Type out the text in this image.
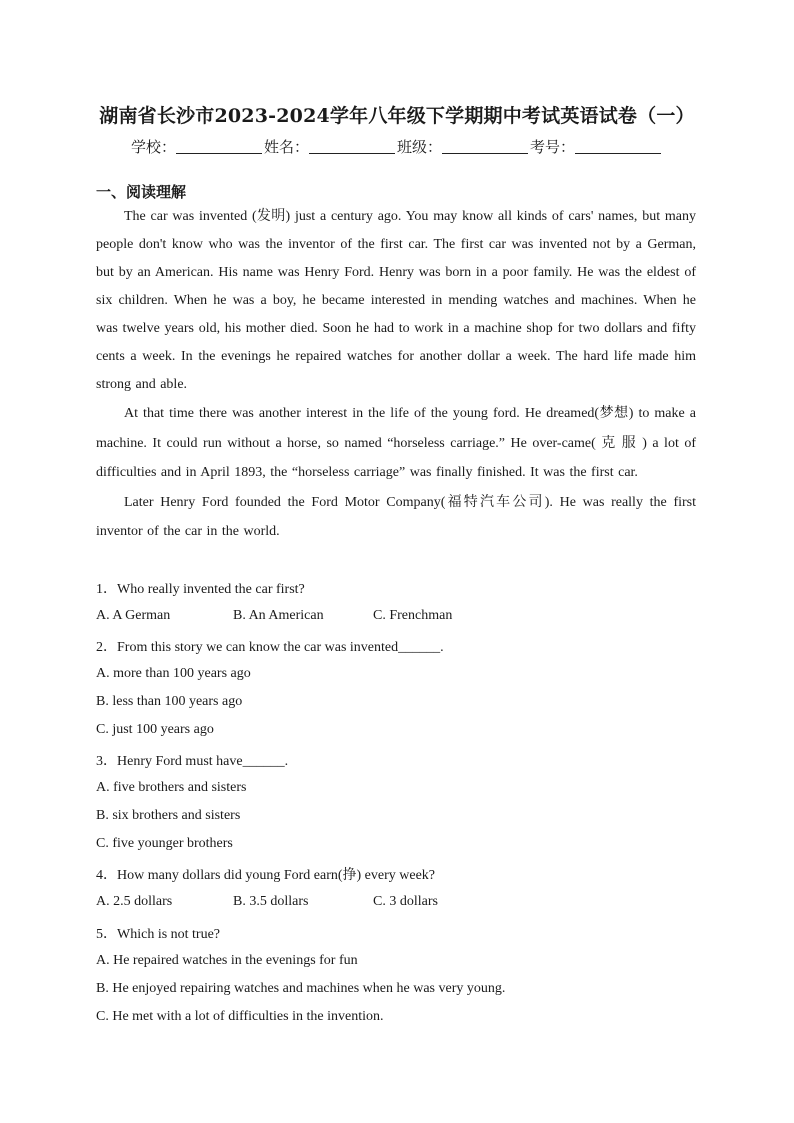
湖南省长沙市2023-2024学年八年级下学期期中考试英语试卷（一）
学校：	姓名：	班级：	考号：
一、阅读理解

The car was invented (发明) just a century ago. You may know all kinds of cars' names, but many people don't know who was the inventor of the first car. The first car was invented not by a German, but by an American. His name was Henry Ford. Henry was born in a poor family. He was the eldest of six children. When he was a boy, he became interested in mending watches and machines. When he was twelve years old, his mother died. Soon he had to work in a machine shop for two dollars and fifty cents a week. In the evenings he repaired watches for another dollar a week. The hard life made him strong and able.

At that time there was another interest in the life of the young ford. He dreamed(梦想) to make a machine. It could run without a horse, so named “horseless carriage.” He over-came( 克 服 ) a lot of difficulties and in April 1893, the “horseless carriage” was finally finished. It was the first car.

Later Henry Ford founded the Ford Motor Company(福特汽车公司). He was really the first inventor of the car in the world.

1．Who really invented the car first?
A. A German	B. An American	C. Frenchman
2．From this story we can know the car was invented______.
A. more than 100 years ago
B. less than 100 years ago
C. just 100 years ago
3．Henry Ford must have______.
A. five brothers and sisters
B. six brothers and sisters
C. five younger brothers
4．How many dollars did young Ford earn(挣) every week?
A. 2.5 dollars	B. 3.5 dollars	C. 3 dollars
5．Which is not true?
A. He repaired watches in the evenings for fun
B. He enjoyed repairing watches and machines when he was very young.
C. He met with a lot of difficulties in the invention.
